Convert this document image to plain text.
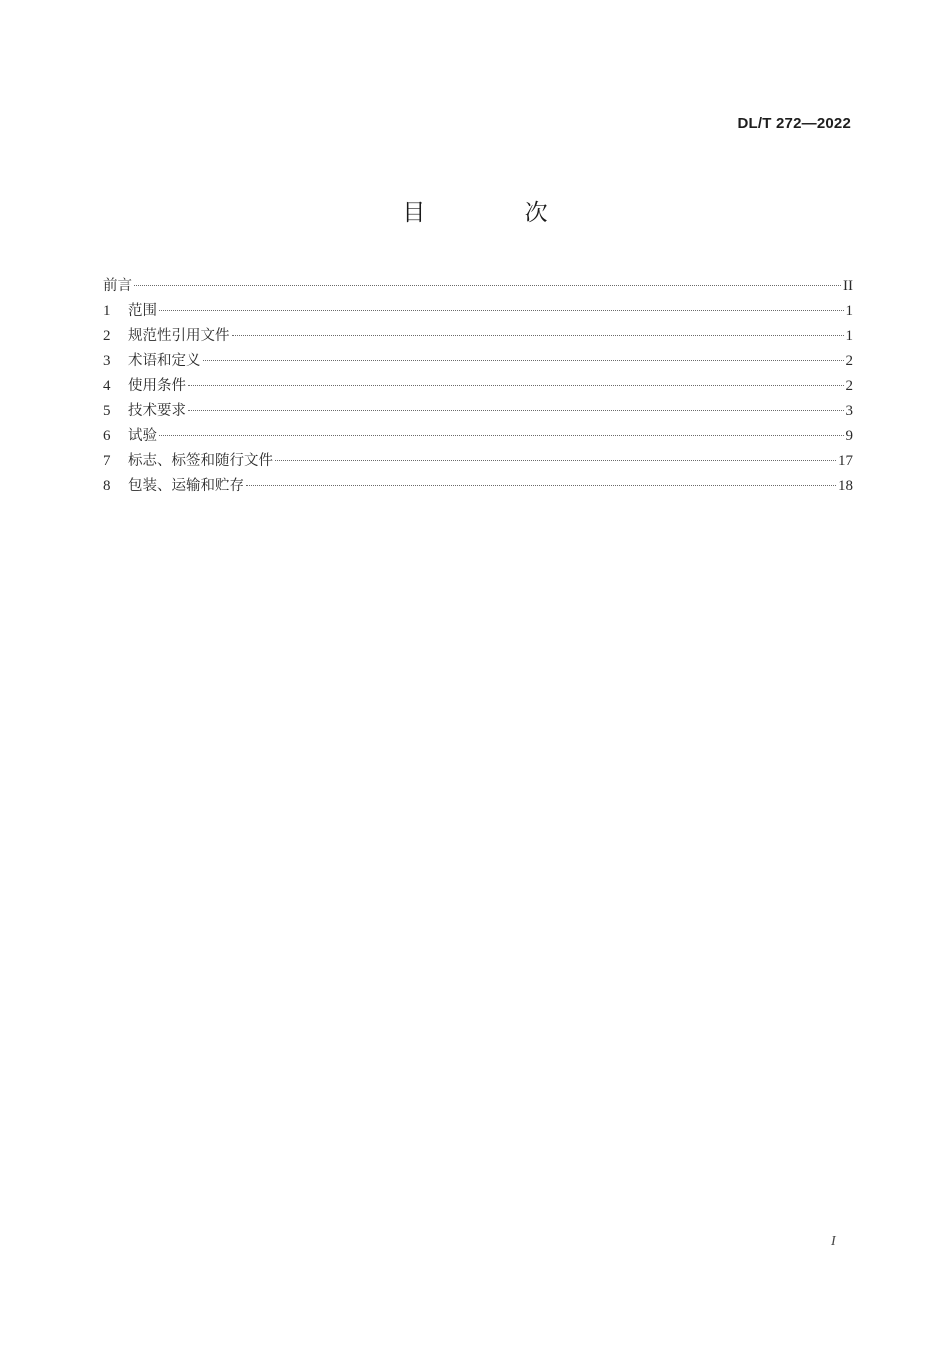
DL/T 272—2022
目 次
前言	II
1	范围	1
2	规范性引用文件	1
3	术语和定义	2
4	使用条件	2
5	技术要求	3
6	试验	9
7	标志、标签和随行文件	17
8	包装、运输和贮存	18
I
